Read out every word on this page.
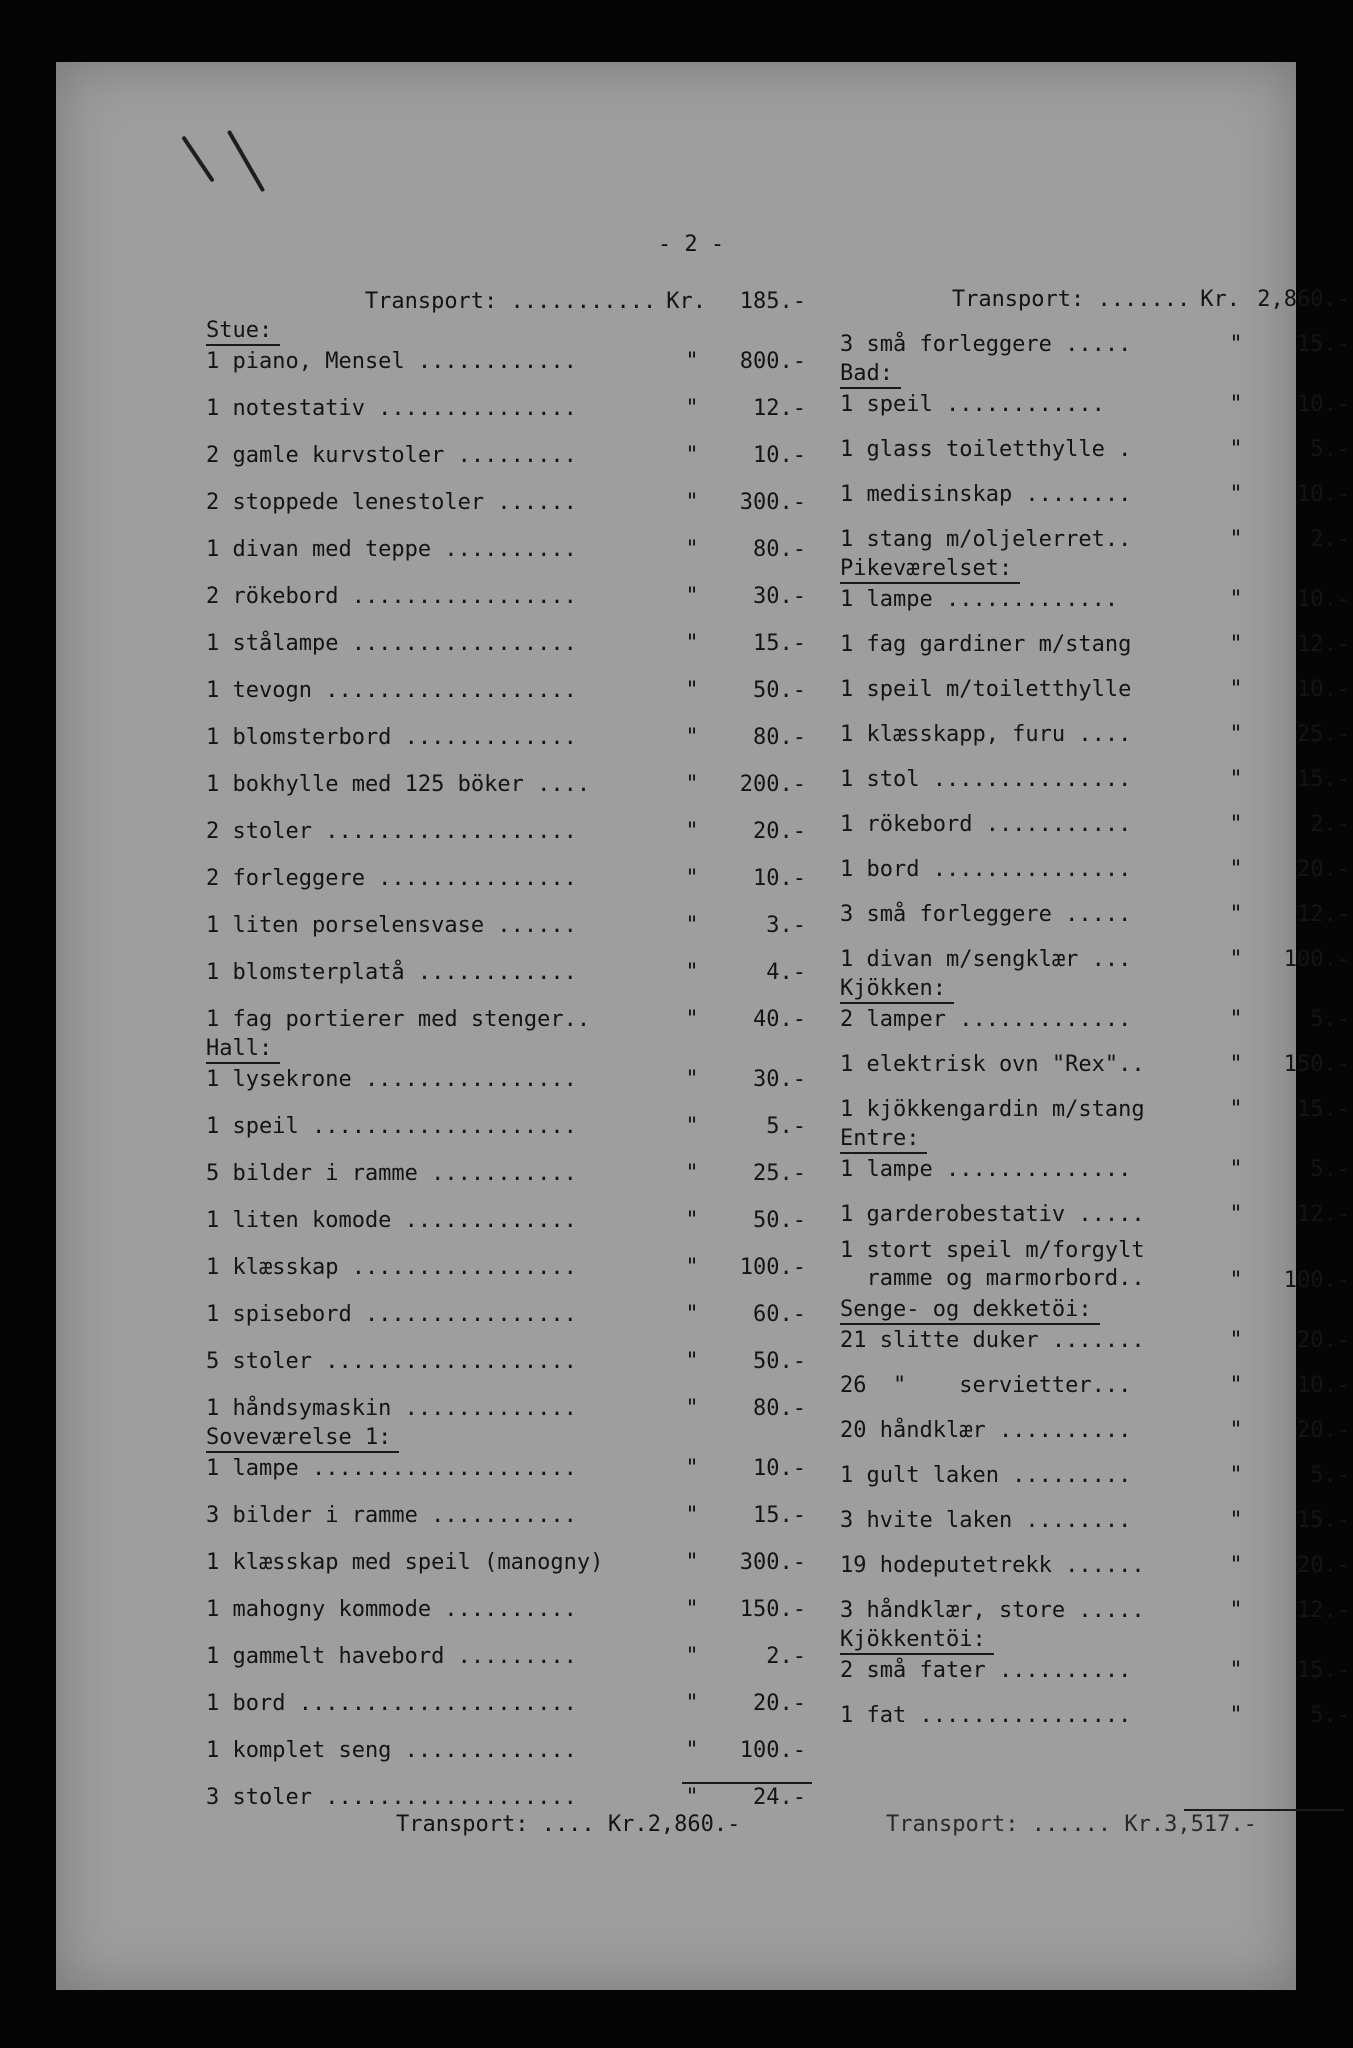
- 2 -
Transport: ........... Kr.	185.-
Stue:
1 piano, Mensel ............	"	800.-
1 notestativ ...............	"	12.-
2 gamle kurvstoler .........	"	10.-
2 stoppede lenestoler ......	"	300.-
1 divan med teppe ..........	"	80.-
2 rökebord .................	"	30.-
1 stålampe .................	"	15.-
1 tevogn ...................	"	50.-
1 blomsterbord .............	"	80.-
1 bokhylle med 125 böker ....	"	200.-
2 stoler ...................	"	20.-
2 forleggere ...............	"	10.-
1 liten porselensvase ......	"	3.-
1 blomsterplatå ............	"	4.-
1 fag portierer med stenger..	"	40.-
Hall:
1 lysekrone ................	"	30.-
1 speil ....................	"	5.-
5 bilder i ramme ...........	"	25.-
1 liten komode .............	"	50.-
1 klæsskap .................	"	100.-
1 spisebord ................	"	60.-
5 stoler ...................	"	50.-
1 håndsymaskin .............	"	80.-
Soveværelse 1:
1 lampe ....................	"	10.-
3 bilder i ramme ...........	"	15.-
1 klæsskap med speil (manogny)	"	300.-
1 mahogny kommode ..........	"	150.-
1 gammelt havebord .........	"	2.-
1 bord .....................	"	20.-
1 komplet seng .............	"	100.-
3 stoler ...................	"	24.-
Transport: ....... Kr. 2,860.-
3 små forleggere .....	"	15.-
Bad:
1 speil ............	"	10.-
1 glass toiletthylle .	"	5.-
1 medisinskap ........	"	10.-
1 stang m/oljelerret..	"	2.-
Pikeværelset:
1 lampe .............	"	10.-
1 fag gardiner m/stang	"	12.-
1 speil m/toiletthylle	"	10.-
1 klæsskapp, furu ....	"	25.-
1 stol ...............	"	15.-
1 rökebord ...........	"	2.-
1 bord ...............	"	20.-
3 små forleggere .....	"	12.-
1 divan m/sengklær ...	"	100.-
Kjökken:
2 lamper .............	"	5.-
1 elektrisk ovn "Rex"..	"	150.-
1 kjökkengardin m/stang	"	15.-
Entre:
1 lampe ..............	"	5.-
1 garderobestativ .....	"	12.-
1 stort speil m/forgylt
ramme og marmorbord..	"	100.-
Senge- og dekketöi:
21 slitte duker .......	"	20.-
26  "    servietter...	"	10.-
20 håndklær ..........	"	20.-
1 gult laken .........	"	5.-
3 hvite laken ........	"	15.-
19 hodeputetrekk ......	"	20.-
3 håndklær, store .....	"	12.-
Kjökkentöi:
2 små fater ..........	"	15.-
1 fat ................	"	5.-
Transport: .... Kr.2,860.-	Transport: ...... Kr.3,517.-
